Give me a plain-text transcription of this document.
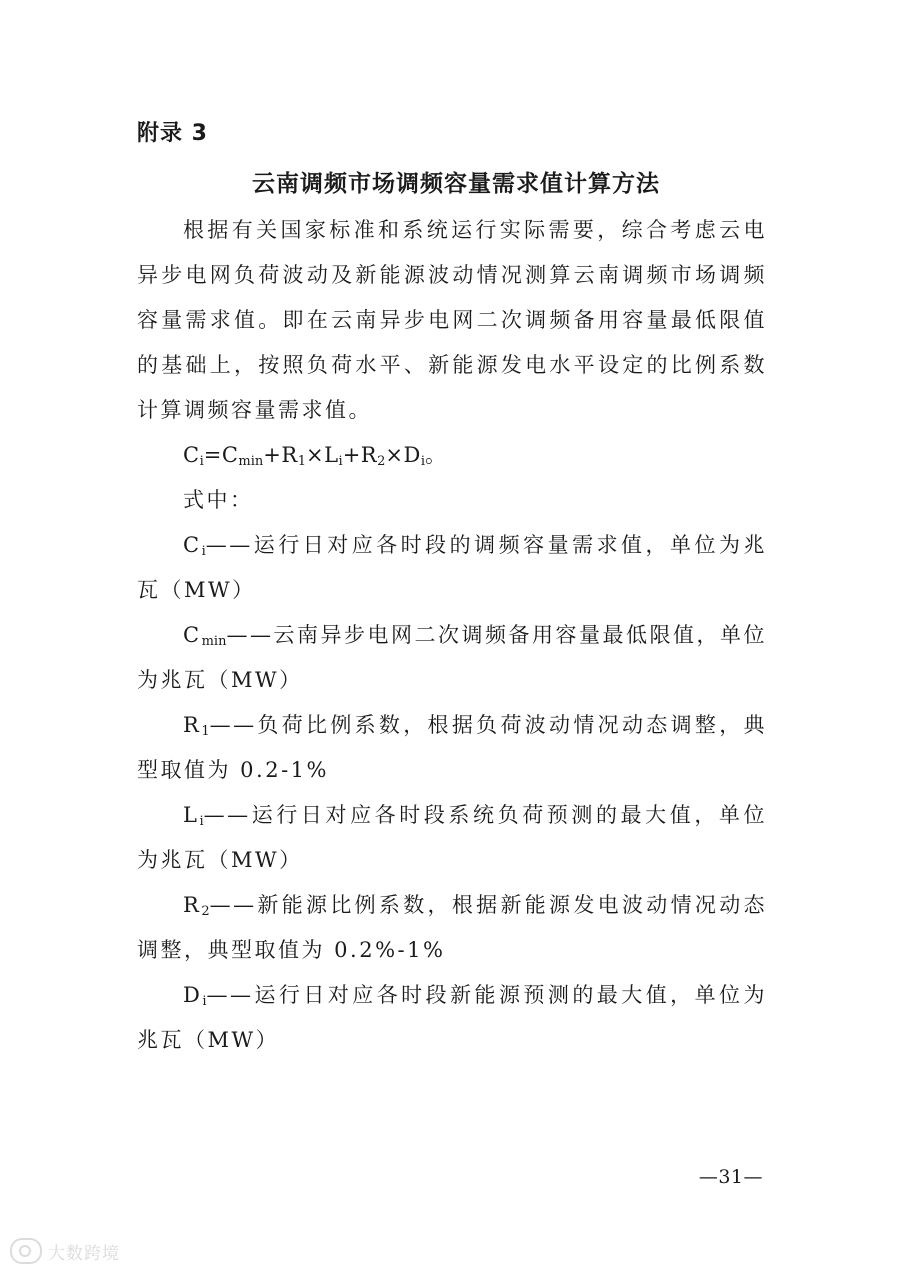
附录 3
云南调频市场调频容量需求值计算方法

根据有关国家标准和系统运行实际需要，综合考虑云电异步电网负荷波动及新能源波动情况测算云南调频市场调频容量需求值。即在云南异步电网二次调频备用容量最低限值的基础上，按照负荷水平、新能源发电水平设定的比例系数计算调频容量需求值。

$C_i=C_{min}+R_1\times L_i+R_2\times D_i$。

式中：

$C_i——$运行日对应各时段的调频容量需求值，单位为兆瓦（MW）

$C_{min}——$云南异步电网二次调频备用容量最低限值，单位为兆瓦（MW）

$R_1——$负荷比例系数，根据负荷波动情况动态调整，典型取值为 0.2-1%

$L_i——$运行日对应各时段系统负荷预测的最大值，单位为兆瓦（MW）

$R_2——$新能源比例系数，根据新能源发电波动情况动态调整，典型取值为 0.2%-1%

$D_i——$运行日对应各时段新能源预测的最大值，单位为兆瓦（MW）

—31—
大数跨境
